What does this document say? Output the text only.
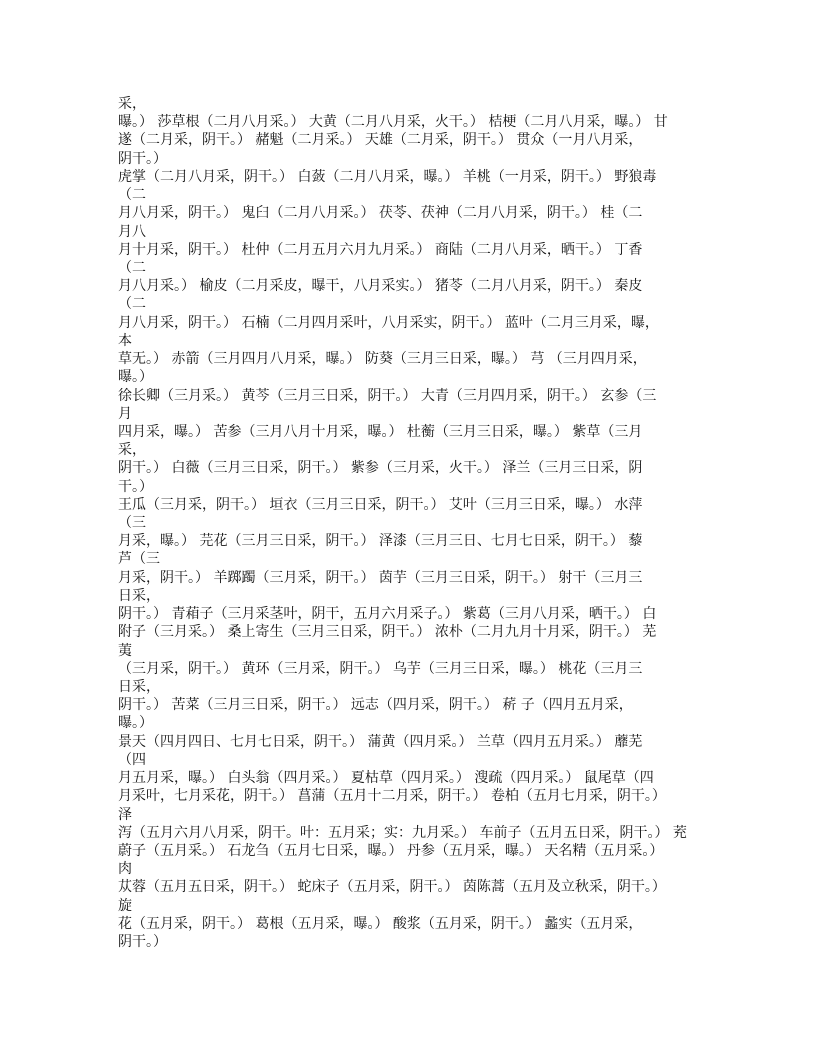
采，
曝。） 莎草根（二月八月采。） 大黄（二月八月采，火干。） 桔梗（二月八月采，曝。） 甘
遂（二月采，阴干。） 赭魁（二月采。） 天雄（二月采，阴干。） 贯众（一月八月采，
阴干。）
虎掌（二月八月采，阴干。） 白蔹（二月八月采，曝。） 羊桃（一月采，阴干。） 野狼毒
（二
月八月采，阴干。） 鬼臼（二月八月采。） 茯苓、茯神（二月八月采，阴干。） 桂（二
月八
月十月采，阴干。） 杜仲（二月五月六月九月采。） 商陆（二月八月采，晒干。） 丁香
（二
月八月采。） 榆皮（二月采皮，曝干，八月采实。） 猪苓（二月八月采，阴干。） 秦皮
（二
月八月采，阴干。） 石楠（二月四月采叶，八月采实，阴干。） 蓝叶（二月三月采，曝，
本
草无。） 赤箭（三月四月八月采，曝。） 防葵（三月三日采，曝。） 芎 （三月四月采，
曝。）
徐长卿（三月采。） 黄芩（三月三日采，阴干。） 大青（三月四月采，阴干。） 玄参（三
月
四月采，曝。） 苦参（三月八月十月采，曝。） 杜蘅（三月三日采，曝。） 紫草（三月
采，
阴干。） 白薇（三月三日采，阴干。） 紫参（三月采，火干。） 泽兰（三月三日采，阴
干。）
王瓜（三月采，阴干。） 垣衣（三月三日采，阴干。） 艾叶（三月三日采，曝。） 水萍
（三
月采，曝。） 芫花（三月三日采，阴干。） 泽漆（三月三日、七月七日采，阴干。） 藜
芦（三
月采，阴干。） 羊踯躅（三月采，阴干。） 茵芋（三月三日采，阴干。） 射干（三月三
日采，
阴干。） 青葙子（三月采茎叶，阴干，五月六月采子。） 紫葛（三月八月采，晒干。） 白
附子（三月采。） 桑上寄生（三月三日采，阴干。） 浓朴（二月九月十月采，阴干。） 芜
荑
（三月采，阴干。） 黄环（三月采，阴干。） 乌芋（三月三日采，曝。） 桃花（三月三
日采，
阴干。） 苦菜（三月三日采，阴干。） 远志（四月采，阴干。） 菥 子（四月五月采，
曝。）
景天（四月四日、七月七日采，阴干。） 蒲黄（四月采。） 兰草（四月五月采。） 蘼芜
（四
月五月采，曝。） 白头翁（四月采。） 夏枯草（四月采。） 溲疏（四月采。） 鼠尾草（四
月采叶，七月采花，阴干。） 菖蒲（五月十二月采，阴干。） 卷柏（五月七月采，阴干。）
泽
泻（五月六月八月采，阴干。叶：五月采；实：九月采。） 车前子（五月五日采，阴干。） 茺
蔚子（五月采。） 石龙刍（五月七日采，曝。） 丹参（五月采，曝。） 天名精（五月采。）
肉
苁蓉（五月五日采，阴干。） 蛇床子（五月采，阴干。） 茵陈蒿（五月及立秋采，阴干。）
旋
花（五月采，阴干。） 葛根（五月采，曝。） 酸浆（五月采，阴干。） 蠡实（五月采，
阴干。）
